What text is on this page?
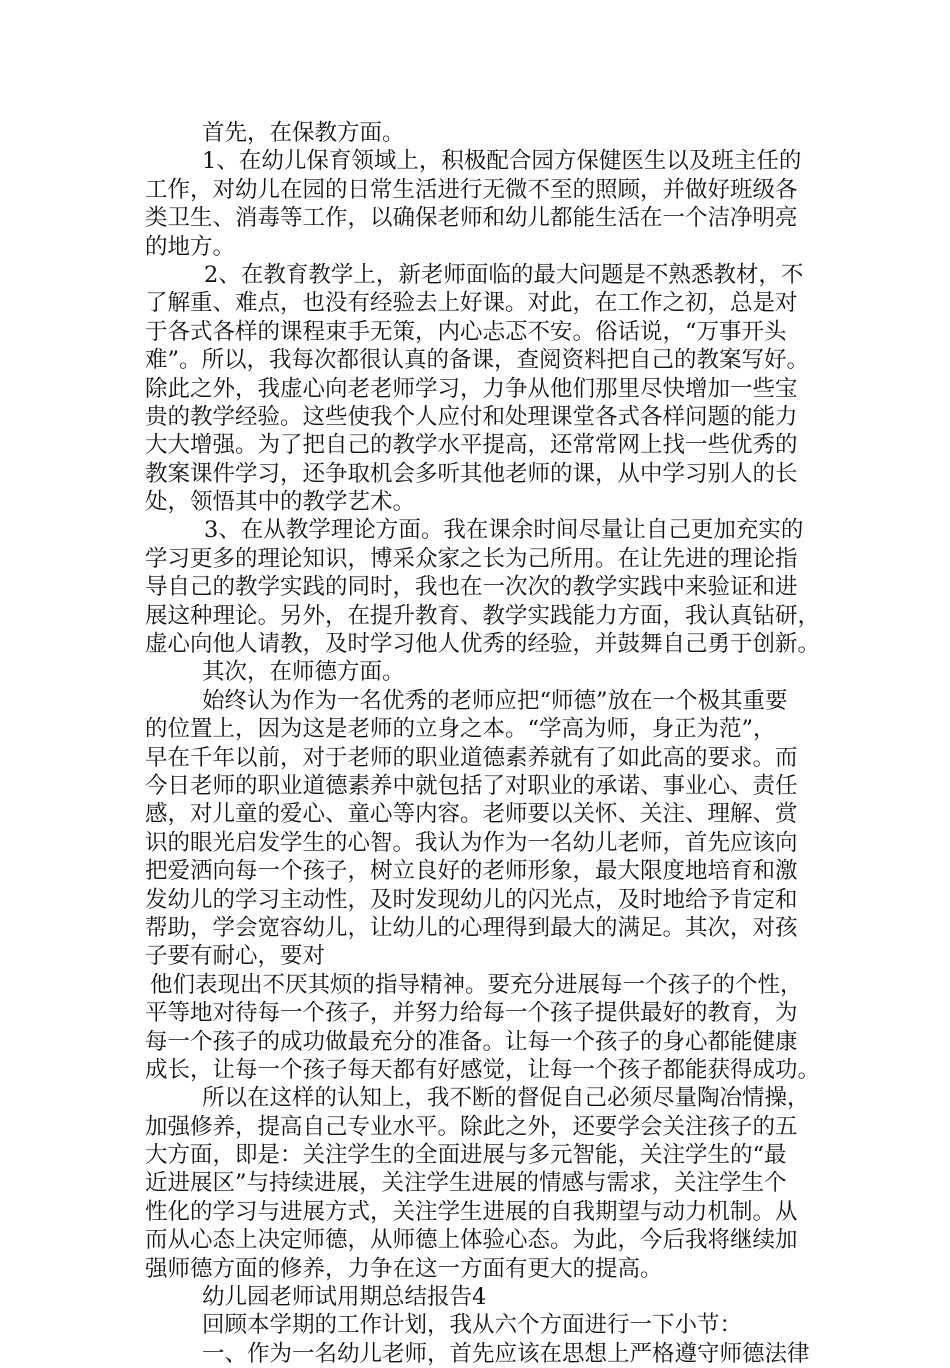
首先，在保教方面。
1、在幼儿保育领域上，积极配合园方保健医生以及班主任的
工作，对幼儿在园的日常生活进行无微不至的照顾，并做好班级各
类卫生、消毒等工作，以确保老师和幼儿都能生活在一个洁净明亮
的地方。
2、在教育教学上，新老师面临的最大问题是不熟悉教材，不
了解重、难点，也没有经验去上好课。对此，在工作之初，总是对
于各式各样的课程束手无策，内心忐忑不安。俗话说，“万事开头
难”。所以，我每次都很认真的备课，查阅资料把自己的教案写好。
除此之外，我虚心向老老师学习，力争从他们那里尽快增加一些宝
贵的教学经验。这些使我个人应付和处理课堂各式各样问题的能力
大大增强。为了把自己的教学水平提高，还常常网上找一些优秀的
教案课件学习，还争取机会多听其他老师的课，从中学习别人的长
处，领悟其中的教学艺术。
3、在从教学理论方面。我在课余时间尽量让自己更加充实的
学习更多的理论知识，博采众家之长为己所用。在让先进的理论指
导自己的教学实践的同时，我也在一次次的教学实践中来验证和进
展这种理论。另外，在提升教育、教学实践能力方面，我认真钻研，
虚心向他人请教，及时学习他人优秀的经验，并鼓舞自己勇于创新。
其次，在师德方面。
始终认为作为一名优秀的老师应把“师德”放在一个极其重要
的位置上，因为这是老师的立身之本。“学高为师，身正为范”，
早在千年以前，对于老师的职业道德素养就有了如此高的要求。而
今日老师的职业道德素养中就包括了对职业的承诺、事业心、责任
感，对儿童的爱心、童心等内容。老师要以关怀、关注、理解、赏
识的眼光启发学生的心智。我认为作为一名幼儿老师，首先应该向
把爱洒向每一个孩子，树立良好的老师形象，最大限度地培育和激
发幼儿的学习主动性，及时发现幼儿的闪光点，及时地给予肯定和
帮助，学会宽容幼儿，让幼儿的心理得到最大的满足。其次，对孩
子要有耐心，要对
他们表现出不厌其烦的指导精神。要充分进展每一个孩子的个性，
平等地对待每一个孩子，并努力给每一个孩子提供最好的教育，为
每一个孩子的成功做最充分的准备。让每一个孩子的身心都能健康
成长，让每一个孩子每天都有好感觉，让每一个孩子都能获得成功。
所以在这样的认知上，我不断的督促自己必须尽量陶冶情操，
加强修养，提高自己专业水平。除此之外，还要学会关注孩子的五
大方面，即是：关注学生的全面进展与多元智能，关注学生的“最
近进展区”与持续进展，关注学生进展的情感与需求，关注学生个
性化的学习与进展方式，关注学生进展的自我期望与动力机制。从
而从心态上决定师德，从师德上体验心态。为此，今后我将继续加
强师德方面的修养，力争在这一方面有更大的提高。
幼儿园老师试用期总结报告4
回顾本学期的工作计划，我从六个方面进行一下小节：
一、作为一名幼儿老师，首先应该在思想上严格遵守师德法律
